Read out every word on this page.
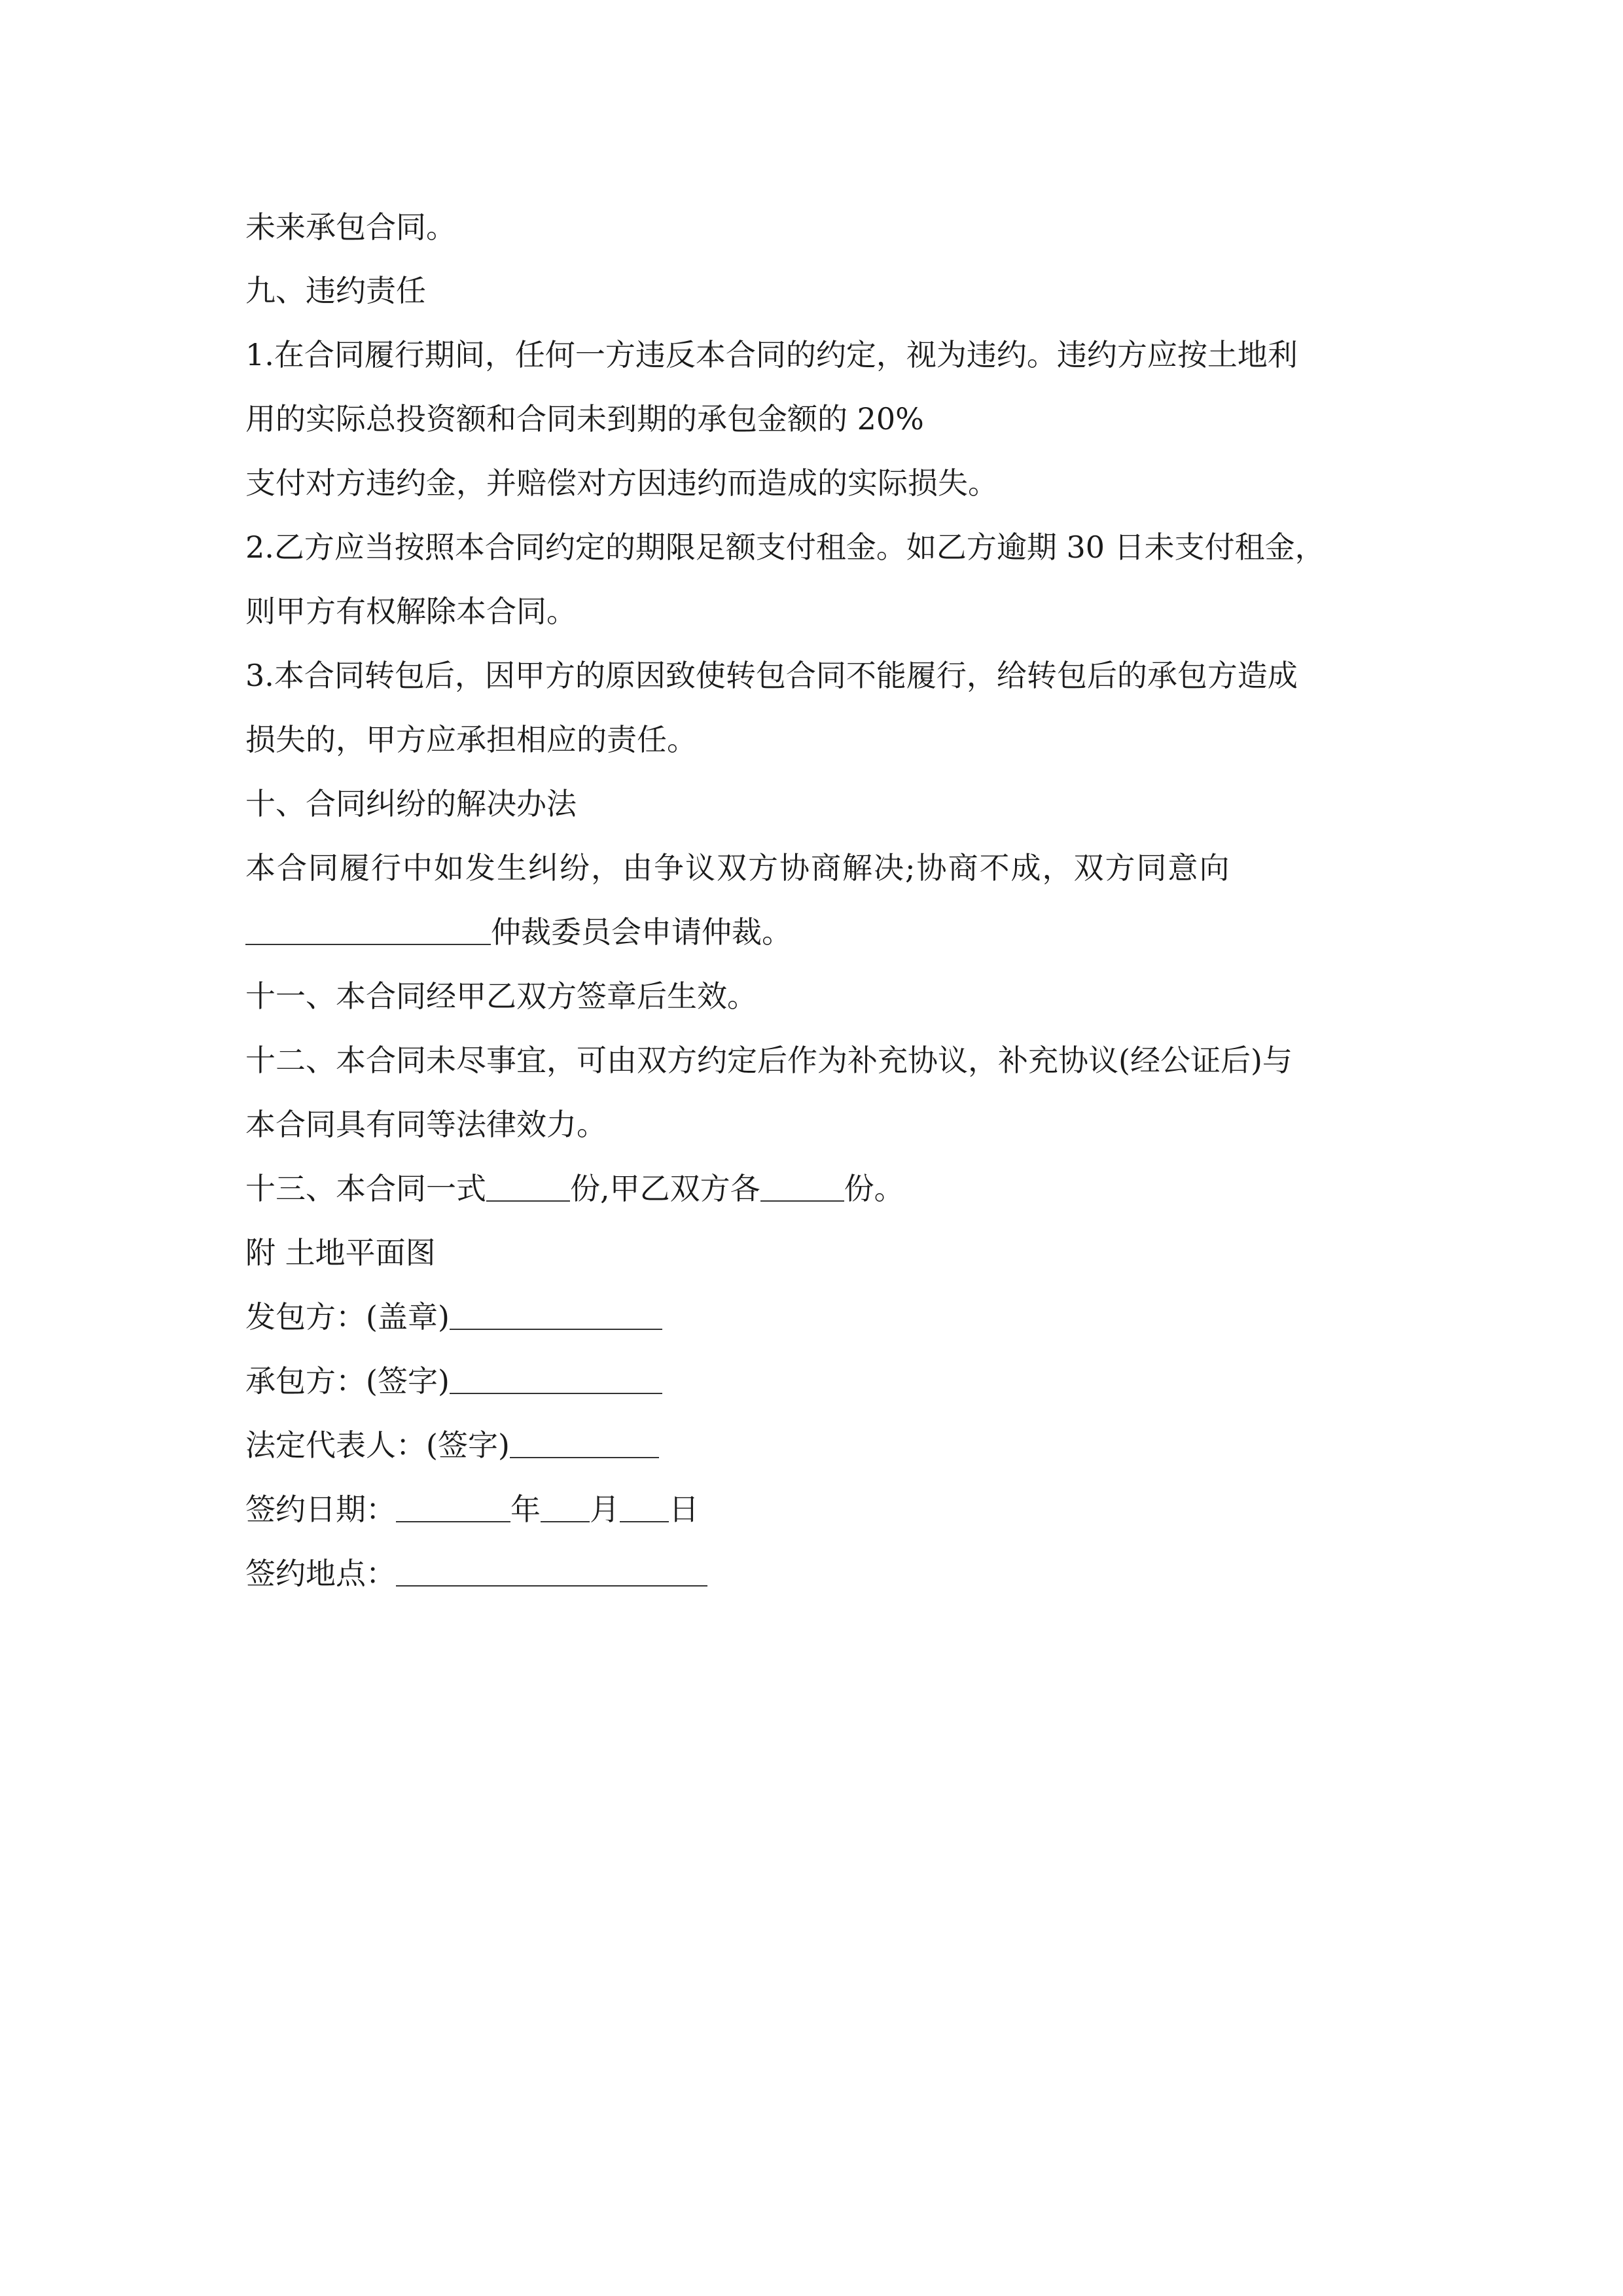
未来承包合同。
九、违约责任
1.在合同履行期间，任何一方违反本合同的约定，视为违约。违约方应按土地利
用的实际总投资额和合同未到期的承包金额的 20%
支付对方违约金，并赔偿对方因违约而造成的实际损失。
2.乙方应当按照本合同约定的期限足额支付租金。如乙方逾期 30 日未支付租金，
则甲方有权解除本合同。
3.本合同转包后，因甲方的原因致使转包合同不能履行，给转包后的承包方造成
损失的，甲方应承担相应的责任。
十、合同纠纷的解决办法
本合同履行中如发生纠纷，由争议双方协商解决;协商不成，双方同意向
仲裁委员会申请仲裁。
十一、本合同经甲乙双方签章后生效。
十二、本合同未尽事宜，可由双方约定后作为补充协议，补充协议(经公证后)与
本合同具有同等法律效力。
十三、本合同一式	份,甲乙双方各	份。
附 土地平面图
发包方：(盖章)
承包方：(签字)
法定代表人：(签字)
签约日期：	年 月 日
签约地点：
